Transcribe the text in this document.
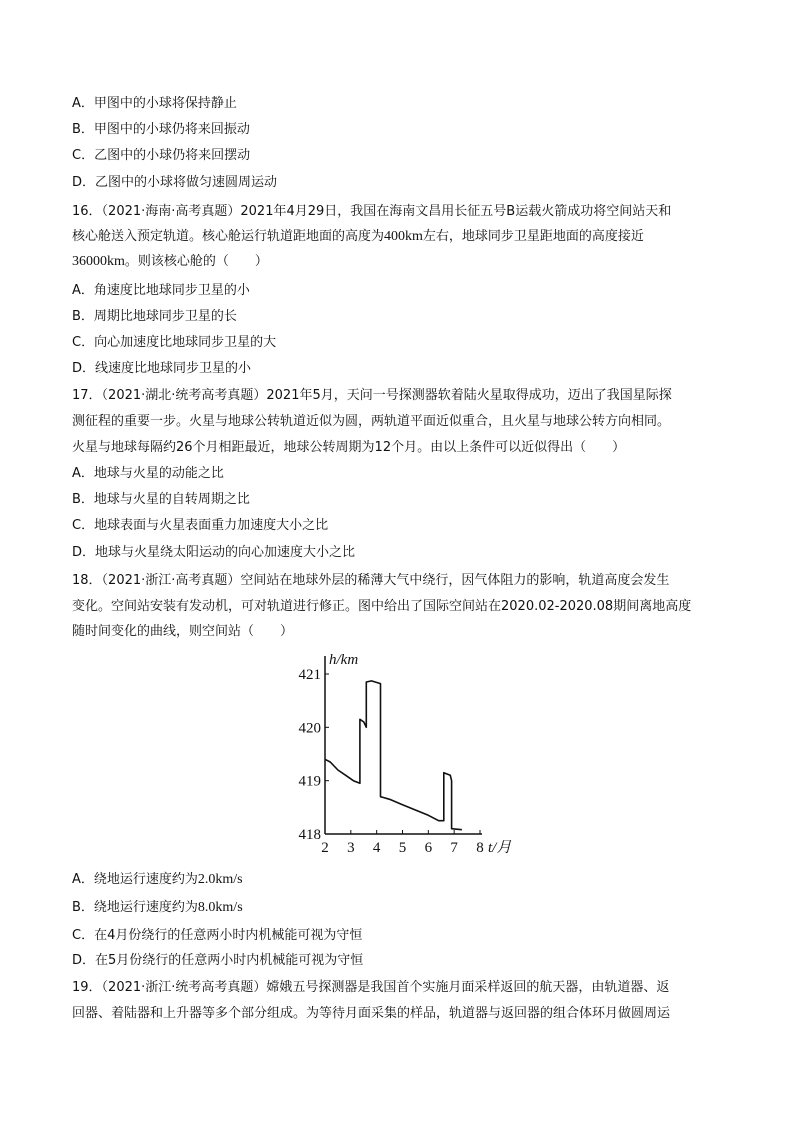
A．甲图中的小球将保持静止
B．甲图中的小球仍将来回振动
C．乙图中的小球仍将来回摆动
D．乙图中的小球将做匀速圆周运动
16．（2021·海南·高考真题）2021年4月29日，我国在海南文昌用长征五号B运载火箭成功将空间站天和
核心舱送入预定轨道。核心舱运行轨道距地面的高度为400km左右，地球同步卫星距地面的高度接近
36000km。则该核心舱的（　　）
A．角速度比地球同步卫星的小
B．周期比地球同步卫星的长
C．向心加速度比地球同步卫星的大
D．线速度比地球同步卫星的小
17．（2021·湖北·统考高考真题）2021年5月，天问一号探测器软着陆火星取得成功，迈出了我国星际探
测征程的重要一步。火星与地球公转轨道近似为圆，两轨道平面近似重合，且火星与地球公转方向相同。
火星与地球每隔约26个月相距最近，地球公转周期为12个月。由以上条件可以近似得出（　　）
A．地球与火星的动能之比
B．地球与火星的自转周期之比
C．地球表面与火星表面重力加速度大小之比
D．地球与火星绕太阳运动的向心加速度大小之比
18．（2021·浙江·高考真题）空间站在地球外层的稀薄大气中绕行，因气体阻力的影响，轨道高度会发生
变化。空间站安装有发动机，可对轨道进行修正。图中给出了国际空间站在2020.02-2020.08期间离地高度
随时间变化的曲线，则空间站（　　）
418
419
420
421
2 3 4 5 6 7 8
h/km
t/月
A．绕地运行速度约为2.0km/s
B．绕地运行速度约为8.0km/s
C．在4月份绕行的任意两小时内机械能可视为守恒
D．在5月份绕行的任意两小时内机械能可视为守恒
19．（2021·浙江·统考高考真题）嫦娥五号探测器是我国首个实施月面采样返回的航天器，由轨道器、返
回器、着陆器和上升器等多个部分组成。为等待月面采集的样品，轨道器与返回器的组合体环月做圆周运
